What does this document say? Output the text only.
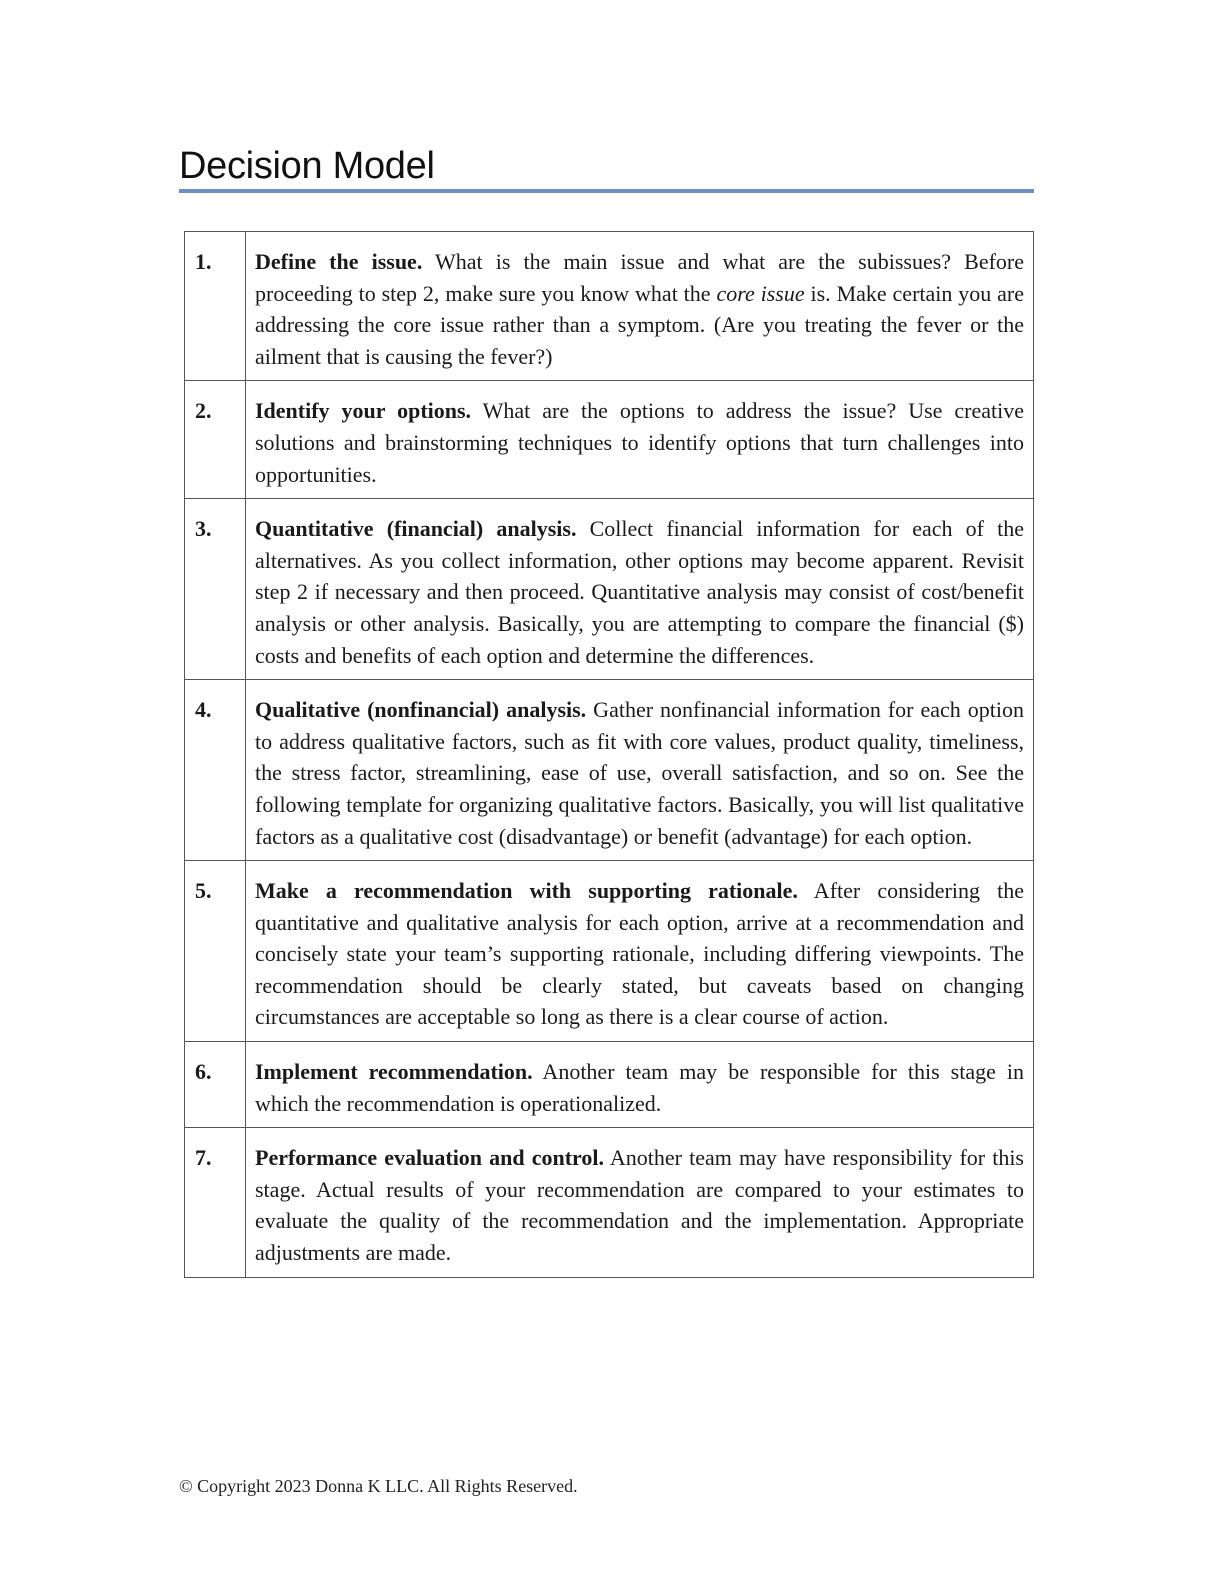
Decision Model
1.	Define the issue. What is the main issue and what are the subissues? Before proceeding to step 2, make sure you know what the core issue is. Make certain you are addressing the core issue rather than a symptom. (Are you treating the fever or the ailment that is causing the fever?)
2.	Identify your options. What are the options to address the issue? Use creative solutions and brainstorming techniques to identify options that turn challenges into opportunities.
3.	Quantitative (financial) analysis. Collect financial information for each of the alternatives. As you collect information, other options may become apparent. Revisit step 2 if necessary and then proceed. Quantitative analysis may consist of cost/benefit analysis or other analysis. Basically, you are attempting to compare the financial ($) costs and benefits of each option and determine the differences.
4.	Qualitative (nonfinancial) analysis. Gather nonfinancial information for each option to address qualitative factors, such as fit with core values, product quality, timeliness, the stress factor, streamlining, ease of use, overall satisfaction, and so on. See the following template for organizing qualitative factors. Basically, you will list qualitative factors as a qualitative cost (disadvantage) or benefit (advantage) for each option.
5.	Make a recommendation with supporting rationale. After considering the quantitative and qualitative analysis for each option, arrive at a recommendation and concisely state your team’s supporting rationale, including differing viewpoints. The recommendation should be clearly stated, but caveats based on changing circumstances are acceptable so long as there is a clear course of action.
6.	Implement recommendation. Another team may be responsible for this stage in which the recommendation is operationalized.
7.	Performance evaluation and control. Another team may have responsibility for this stage. Actual results of your recommendation are compared to your estimates to evaluate the quality of the recommendation and the implementation. Appropriate adjustments are made.
© Copyright 2023 Donna K LLC. All Rights Reserved.
